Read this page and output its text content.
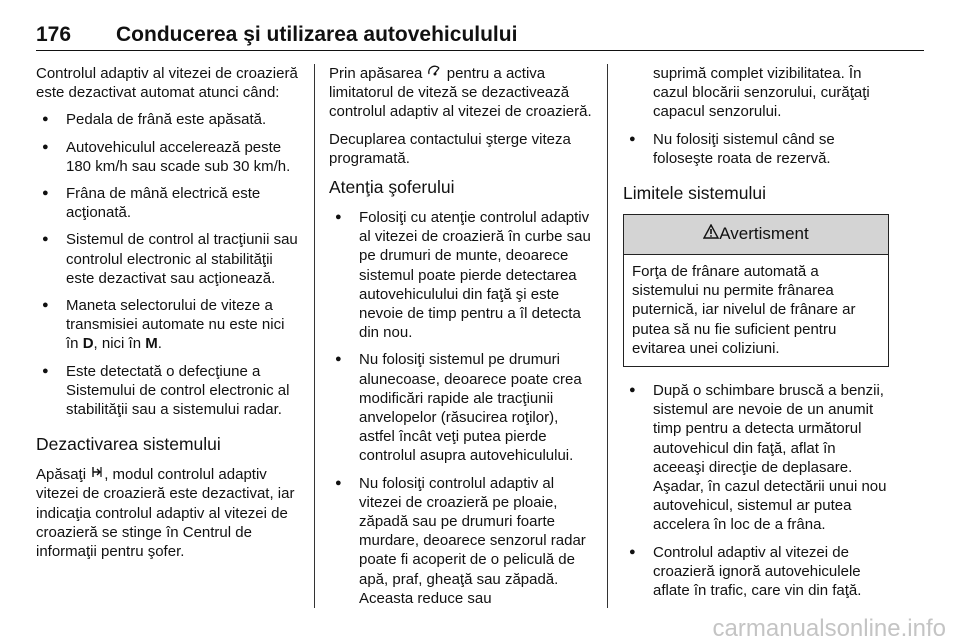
176 Conducerea şi utilizarea autovehiculului

Controlul adaptiv al vitezei de croazieră este dezactivat automat atunci când:

● Pedala de frână este apăsată.
● Autovehiculul accelerează peste 180 km/h sau scade sub 30 km/h.
● Frâna de mână electrică este acţionată.
● Sistemul de control al tracţiunii sau controlul electronic al stabilităţii este dezactivat sau acţionează.
● Maneta selectorului de viteze a transmisiei automate nu este nici în D, nici în M.
● Este detectată o defecţiune a Sistemului de control electronic al stabilităţii sau a sistemului radar.
Dezactivarea sistemului

Apăsaţi , modul controlul adaptiv vitezei de croazieră este dezactivat, iar indicaţia controlul adaptiv al vitezei de croazieră se stinge în Centrul de informaţii pentru şofer.

Prin apăsarea  pentru a activa limitatorul de viteză se dezactivează controlul adaptiv al vitezei de croazieră.

Decuplarea contactului şterge viteza programată.

Atenţia şoferului
● Folosiţi cu atenţie controlul adaptiv al vitezei de croazieră în curbe sau pe drumuri de munte, deoarece sistemul poate pierde detectarea autovehiculului din faţă şi este nevoie de timp pentru a îl detecta din nou.
● Nu folosiţi sistemul pe drumuri alunecoase, deoarece poate crea modificări rapide ale tracţiunii anvelopelor (răsucirea roţilor), astfel încât veţi putea pierde controlul asupra autovehiculului.
● Nu folosiţi controlul adaptiv al vitezei de croazieră pe ploaie, zăpadă sau pe drumuri foarte murdare, deoarece senzorul radar poate fi acoperit de o peliculă de apă, praf, gheaţă sau zăpadă. Aceasta reduce sau
suprimă complet vizibilitatea. În cazul blocării senzorului, curăţaţi capacul senzorului.
● Nu folosiţi sistemul când se foloseşte roata de rezervă.
Limitele sistemului
Avertisment
Forţa de frânare automată a sistemului nu permite frânarea puternică, iar nivelul de frânare ar putea să nu fie suficient pentru evitarea unei coliziuni.
● După o schimbare bruscă a benzii, sistemul are nevoie de un anumit timp pentru a detecta următorul autovehicul din faţă, aflat în aceeaşi direcţie de deplasare. Aşadar, în cazul detectării unui nou autovehicul, sistemul ar putea accelera în loc de a frâna.
● Controlul adaptiv al vitezei de croazieră ignoră autovehiculele aflate în trafic, care vin din faţă.
carmanualsonline.info
